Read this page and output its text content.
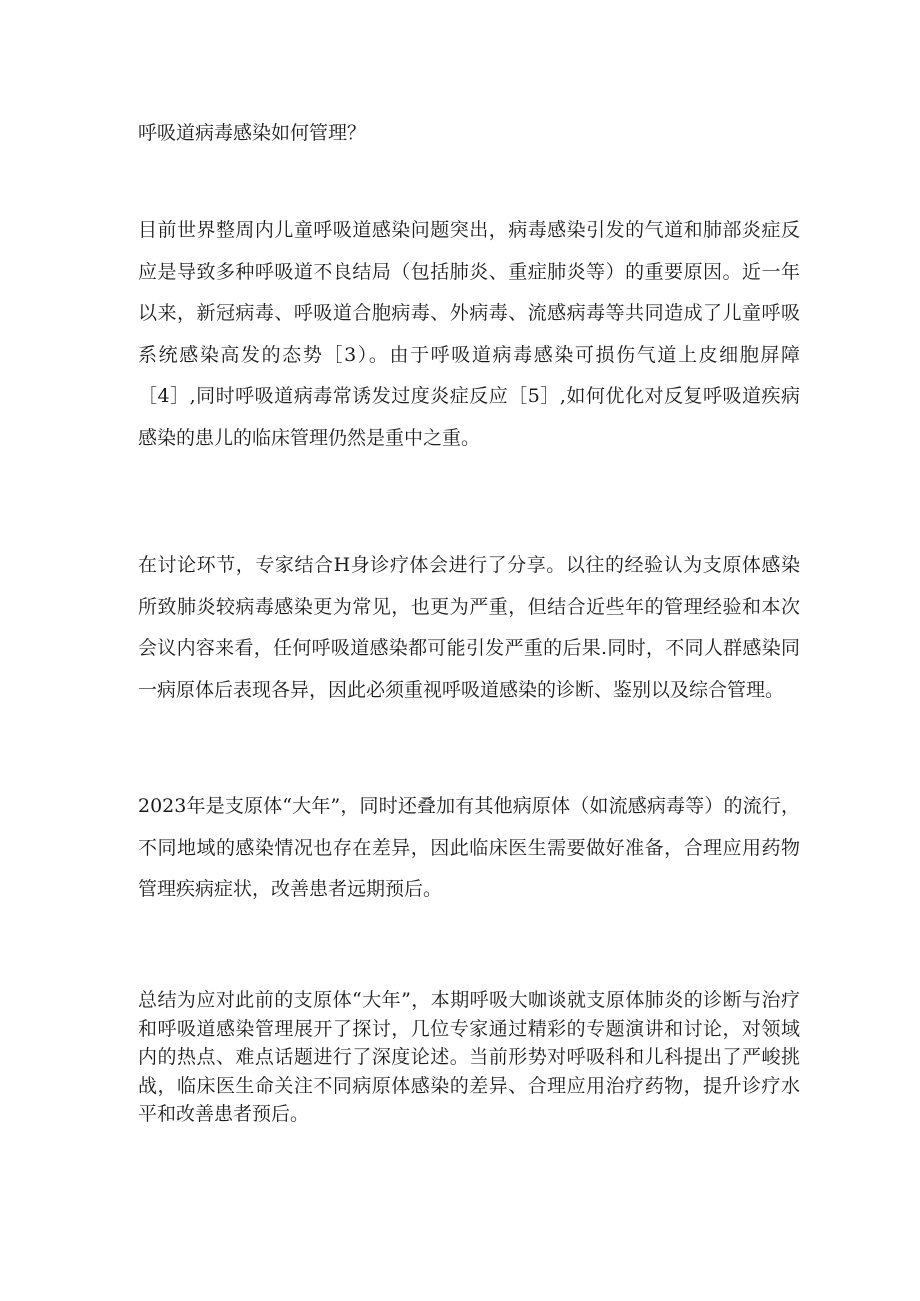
呼吸道病毒感染如何管理？

目前世界整周内儿童呼吸道感染问题突出，病毒感染引发的气道和肺部炎症反应是导致多种呼吸道不良结局（包括肺炎、重症肺炎等）的重要原因。近一年以来，新冠病毒、呼吸道合胞病毒、外病毒、流感病毒等共同造成了儿童呼吸系统感染高发的态势［3）。由于呼吸道病毒感染可损伤气道上皮细胞屏障［4］,同时呼吸道病毒常诱发过度炎症反应［5］,如何优化对反复呼吸道疾病感染的患儿的临床管理仍然是重中之重。

在讨论环节，专家结合H身诊疗体会进行了分享。以往的经验认为支原体感染所致肺炎较病毒感染更为常见，也更为严重，但结合近些年的管理经验和本次会议内容来看，任何呼吸道感染都可能引发严重的后果.同时，不同人群感染同一病原体后表现各异，因此必须重视呼吸道感染的诊断、鉴别以及综合管理。

2023年是支原体“大年”，同时还叠加有其他病原体（如流感病毒等）的流行，不同地域的感染情况也存在差异，因此临床医生需要做好准备，合理应用药物管理疾病症状，改善患者远期预后。

总结为应对此前的支原体“大年”，本期呼吸大咖谈就支原体肺炎的诊断与治疗和呼吸道感染管理展开了探讨，几位专家通过精彩的专题演讲和讨论，对领域内的热点、难点话题进行了深度论述。当前形势对呼吸科和儿科提出了严峻挑战，临床医生命关注不同病原体感染的差异、合理应用治疗药物，提升诊疗水平和改善患者预后。
